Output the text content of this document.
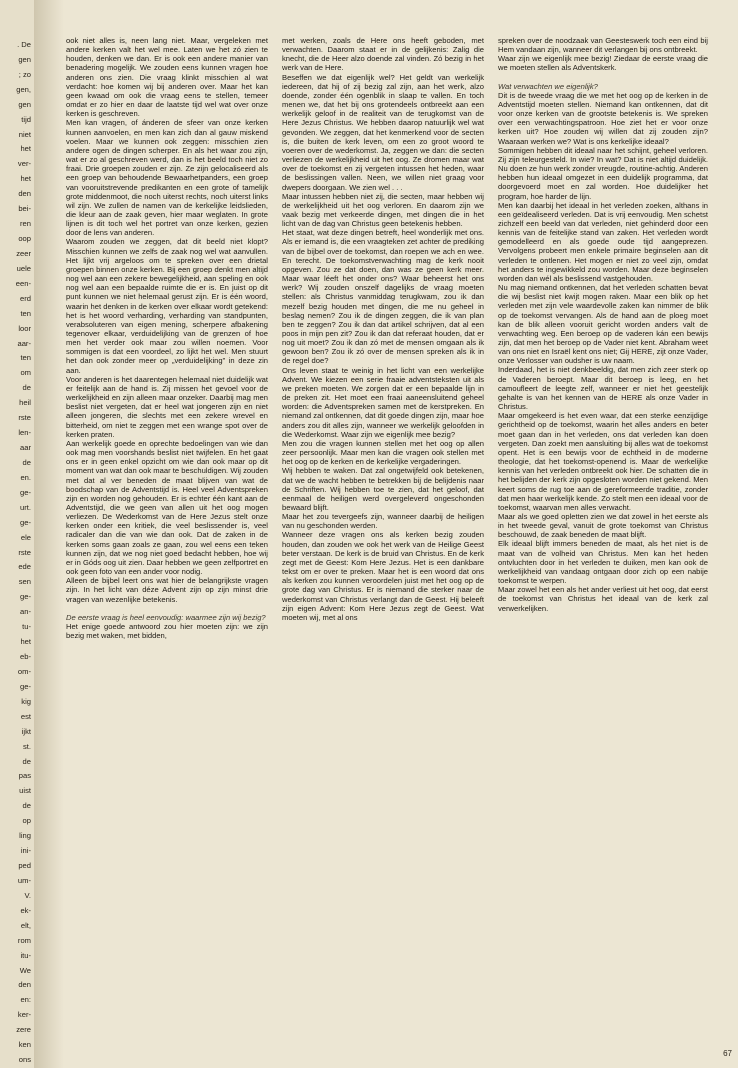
. De
gen
; zo
gen,
gen
tijd
niet
het
ver-
het
den
bei-
ren
oop
zeer
uele
een-
erd
ten
loor
aar-
ten
om
de
heil
rste
len-
aar
de
en.
ge-
urt.
ge-
ele
rste
ede
sen
ge-
an-
tu-
het
eb-
om-
ge-
kig
est
ijkt
st.
de
pas
uist
de
op
ling
ini-
ped
um-
V.
ek-
elt,
rom
itu-
We
den
en:
ker-
zere
ken
ons

ook niet alles is, neen lang niet. Maar, vergeleken met andere kerken valt het wel mee. Laten we het zó zien te houden, denken we dan. Er is ook een andere manier van benadering mogelijk. We zouden eens kunnen vragen hoe anderen ons zien. Die vraag klinkt misschien al wat verdacht: hoe komen wij bij anderen over. Maar het kan geen kwaad om ook die vraag eens te stellen, temeer omdat er zo hier en daar de laatste tijd wel wat over onze kerken is geschreven.

Men kan vragen, of ánderen de sfeer van onze kerken kunnen aanvoelen, en men kan zich dan al gauw miskend voelen. Maar we kunnen ook zeggen: misschien zien andere ogen de dingen scherper. En als het waar zou zijn, wat er zo al geschreven werd, dan is het beeld toch niet zo fraai. Drie groepen zouden er zijn. Ze zijn gelocaliseerd als een groep van behoudende Bewaarhetpanders, een groep van vooruitstrevende predikanten en een grote of tamelijk grote middenmoot, die noch uiterst rechts, noch uiterst links wil zijn. We zullen de namen van de kerkelijke leidslieden, die kleur aan de zaak geven, hier maar weglaten. In grote lijnen is dit toch wel het portret van onze kerken, gezien door de lens van anderen.

Waarom zouden we zeggen, dat dit beeld niet klopt? Misschien kunnen we zelfs de zaak nog wel wat aanvullen. Het lijkt vrij argeloos om te spreken over een drietal groepen binnen onze kerken. Bij een groep denkt men altijd nog wel aan een zekere bewegelijkheid, aan speling en ook nog wel aan een bepaalde ruimte die er is. En juist op dit punt kunnen we niet helemaal gerust zijn. Er is één woord, waarin het denken in de kerken over elkaar wordt getekend: het is het woord verharding, verharding van standpunten, verabsoluteren van eigen mening, scherpere afbakening tegenover elkaar, verduidelijking van de grenzen of hoe men het verder ook maar zou willen noemen. Voor sommigen is dat een voordeel, zo lijkt het wel. Men stuurt het dan ook zonder meer op „verduidelijking” in deze zin aan.

Voor anderen is het daarentegen helemaal niet duidelijk wat er feitelijk aan de hand is. Zij missen het gevoel voor de werkelijkheid en zijn alleen maar onzeker. Daarbij mag men beslist niet vergeten, dat er heel wat jongeren zijn en niet alleen jongeren, die slechts met een zekere wrevel en bitterheid, om niet te zeggen met een wrange spot over de kerken praten.

Aan werkelijk goede en oprechte bedoelingen van wie dan ook mag men voorshands beslist niet twijfelen. En het gaat ons er in geen enkel opzicht om wie dan ook maar op dit moment van wat dan ook maar te beschuldigen. Wij zouden met dat al ver beneden de maat blijven van wat de boodschap van de Adventstijd is. Heel veel Adventspreken zijn en worden nog gehouden. Er is echter één kant aan de Adventstijd, die we geen van allen uit het oog mogen verliezen. De Wederkomst van de Here Jezus stelt onze kerken onder een kritiek, die veel beslissender is, veel radicaler dan die van wie dan ook. Dat de zaken in de kerken soms gaan zoals ze gaan, zou wel eens een teken kunnen zijn, dat we nog niet goed bedacht hebben, hoe wij er in Góds oog uit zien. Daar hebben we geen zelfportret en ook geen foto van een ander voor nodig.

Alleen de bijbel leert ons wat hier de belangrijkste vragen zijn. In het licht van déze Advent zijn op zijn minst drie vragen van wezenlijke betekenis.

De eerste vraag is heel eenvoudig: waarmee zijn wij bezig?

Het enige goede antwoord zou hier moeten zijn: we zijn bezig met waken, met bidden,

met werken, zoals de Here ons heeft geboden, met verwachten. Daarom staat er in de gelijkenis: Zalig die knecht, die de Heer alzo doende zal vinden. Zó bezig in het werk van de Here.

Beseffen we dat eigenlijk wel? Het geldt van werkelijk iedereen, dat hij of zij bezig zal zijn, aan het werk, alzo doende, zonder één ogenblik in slaap te vallen. En toch menen we, dat het bij ons grotendeels ontbreekt aan een werkelijk geloof in de realiteit van de terugkomst van de Here Jezus Christus. We hebben daarop natuurlijk wel wat gevonden. We zeggen, dat het kenmerkend voor de secten is, die buiten de kerk leven, om een zo groot woord te voeren over de wederkomst. Ja, zeggen we dan: die secten verliezen de werkelijkheid uit het oog. Ze dromen maar wat over de toekomst en zij vergeten intussen het heden, waar de beslissingen vallen. Neen, we willen niet graag voor dwepers doorgaan. We zien wel . . .

Maar intussen hebben niet zij, die secten, maar hebben wij de werkelijkheid uit het oog verloren. En daarom zijn we vaak bezig met verkeerde dingen, met dingen die in het licht van de dag van Christus geen betekenis hebben.

Het staat, wat deze dingen betreft, heel wonderlijk met ons. Als er iemand is, die een vraagteken zet achter de prediking van de bijbel over de toekomst, dan roepen we ach en wee. En terecht. De toekomstverwachting mag de kerk nooit opgeven. Zou ze dat doen, dan was ze geen kerk meer. Maar waar léeft het onder ons? Waar beheerst het ons werk? Wij zouden onszelf dagelijks de vraag moeten stellen: als Christus vanmiddag terugkwam, zou ik dan mezelf bezig houden met dingen, die me nu geheel in beslag nemen? Zou ik de dingen zeggen, die ik van plan ben te zeggen? Zou ik dan dat artikel schrijven, dat al een poos in mijn pen zit? Zou ik dan dat referaat houden, dat er nog uit moet? Zou ik dan zó met de mensen omgaan als ik gewoon ben? Zou ik zó over de mensen spreken als ik in de regel doe?

Ons leven staat te weinig in het licht van een werkelijke Advent. We kiezen een serie fraaie adventsteksten uit als we preken moeten. We zorgen dat er een bepaalde lijn in de preken zit. Het moet een fraai aaneensluitend geheel worden: die Adventspreken samen met de kerstpreken. En niemand zal ontkennen, dat dit goede dingen zijn, maar hoe anders zou dit alles zijn, wanneer we werkelijk geloofden in die Wederkomst. Waar zijn we eigenlijk mee bezig?

Men zou die vragen kunnen stellen met het oog op allen zeer persoonlijk. Maar men kan die vragen ook stellen met het oog op de kerken en de kerkelijke vergaderingen.

Wij hebben te waken. Dat zal ongetwijfeld ook betekenen, dat we de wacht hebben te betrekken bij de belijdenis naar de Schriften. Wij hebben toe te zien, dat het geloof, dat eenmaal de heiligen werd overgeleverd ongeschonden bewaard blijft.

Maar het zou tevergeefs zijn, wanneer daarbij de heiligen van nu geschonden werden.

Wanneer deze vragen ons als kerken bezig zouden houden, dan zouden we ook het werk van de Heilige Geest beter verstaan. De kerk is de bruid van Christus. En de kerk zegt met de Geest: Kom Here Jezus. Het is een dankbare tekst om er over te preken. Maar het is een woord dat ons als kerken zou kunnen veroordelen juist met het oog op de grote dag van Christus. Er is niemand die sterker naar de wederkomst van Christus verlangt dan de Geest. Hij beleeft zijn eigen Advent: Kom Here Jezus zegt de Geest. Wat moeten wij, met al ons

spreken over de noodzaak van Geesteswerk toch een eind bij Hem vandaan zijn, wanneer dit verlangen bij ons ontbreekt.

Waar zijn we eigenlijk mee bezig! Ziedaar de eerste vraag die we moeten stellen als Adventskerk.

Wat verwachten we eigenlijk?

Dit is de tweede vraag die we met het oog op de kerken in de Adventstijd moeten stellen. Niemand kan ontkennen, dat dit voor onze kerken van de grootste betekenis is. We spreken over een verwachtingspatroon. Hoe ziet het er voor onze kerken uit? Hoe zouden wij willen dat zij zouden zijn? Waaraan werken we? Wat is ons kerkelijke ideaal?

Sommigen hebben dit ideaal naar het schijnt, geheel verloren. Zij zijn teleurgesteld. In wie? In wat? Dat is niet altijd duidelijk. Nu doen ze hun werk zonder vreugde, routine-achtig. Anderen hebben hun ideaal omgezet in een duidelijk programma, dat doorgevoerd moet en zal worden. Hoe duidelijker het program, hoe harder de lijn.

Men kan daarbij het ideaal in het verleden zoeken, althans in een geïdealiseerd verleden. Dat is vrij eenvoudig. Men schetst zichzelf een beeld van dat verleden, niet gehinderd door een kennis van de feitelijke stand van zaken. Het verleden wordt gemodelleerd en als goede oude tijd aangeprezen. Vervolgens probeert men enkele primaire beginselen aan dit verleden te ontlenen. Het mogen er niet zo veel zijn, omdat het anders te ingewikkeld zou worden. Maar deze beginselen worden dan wél als beslissend vastgehouden.

Nu mag niemand ontkennen, dat het verleden schatten bevat die wij beslist niet kwijt mogen raken. Maar een blik op het verleden met zijn vele waardevolle zaken kan nimmer de blik op de toekomst vervangen. Als de hand aan de ploeg moet kan de blik alleen vooruit gericht worden anders valt de verwachting weg. Een beroep op de vaderen kán een bewijs zijn, dat men het beroep op de Vader niet kent. Abraham weet van ons niet en Israël kent ons niet; Gij HERE, zijt onze Vader, onze Verlosser van oudsher is uw naam.

Inderdaad, het is niet denkbeeldig, dat men zich zeer sterk op de Vaderen beroept. Maar dit beroep is leeg, en het camoufleert de leegte zelf, wanneer er niet het geestelijk gehalte is van het kennen van de HERE als onze Vader in Christus.

Maar omgekeerd is het even waar, dat een sterke eenzijdige gerichtheid op de toekomst, waarin het alles anders en beter moet gaan dan in het verleden, ons dat verleden kan doen vergeten. Dan zoekt men aansluiting bij alles wat de toekomst opent. Het is een bewijs voor de echtheid in de moderne theologie, dat het toekomst-openend is. Maar de werkelijke kennis van het verleden ontbreekt ook hier. De schatten die in het belijden der kerk zijn opgesloten worden niet gekend. Men keert soms de rug toe aan de gereformeerde traditie, zonder dat men haar werkelijk kende. Zo stelt men een ideaal voor de toekomst, waarvan men alles verwacht.

Maar als we goed opletten zien we dat zowel in het eerste als in het tweede geval, vanuit de grote toekomst van Christus beschouwd, de zaak beneden de maat blijft.

Elk ideaal blijft immers beneden de maat, als het niet is de maat van de volheid van Christus. Men kan het heden ontvluchten door in het verleden te duiken, men kan ook de werkelijkheid van vandaag ontgaan door zich op een nabije toekomst te werpen.

Maar zowel het een als het ander verliest uit het oog, dat eerst de toekomst van Christus het ideaal van de kerk zal verwerkelijken.

67
